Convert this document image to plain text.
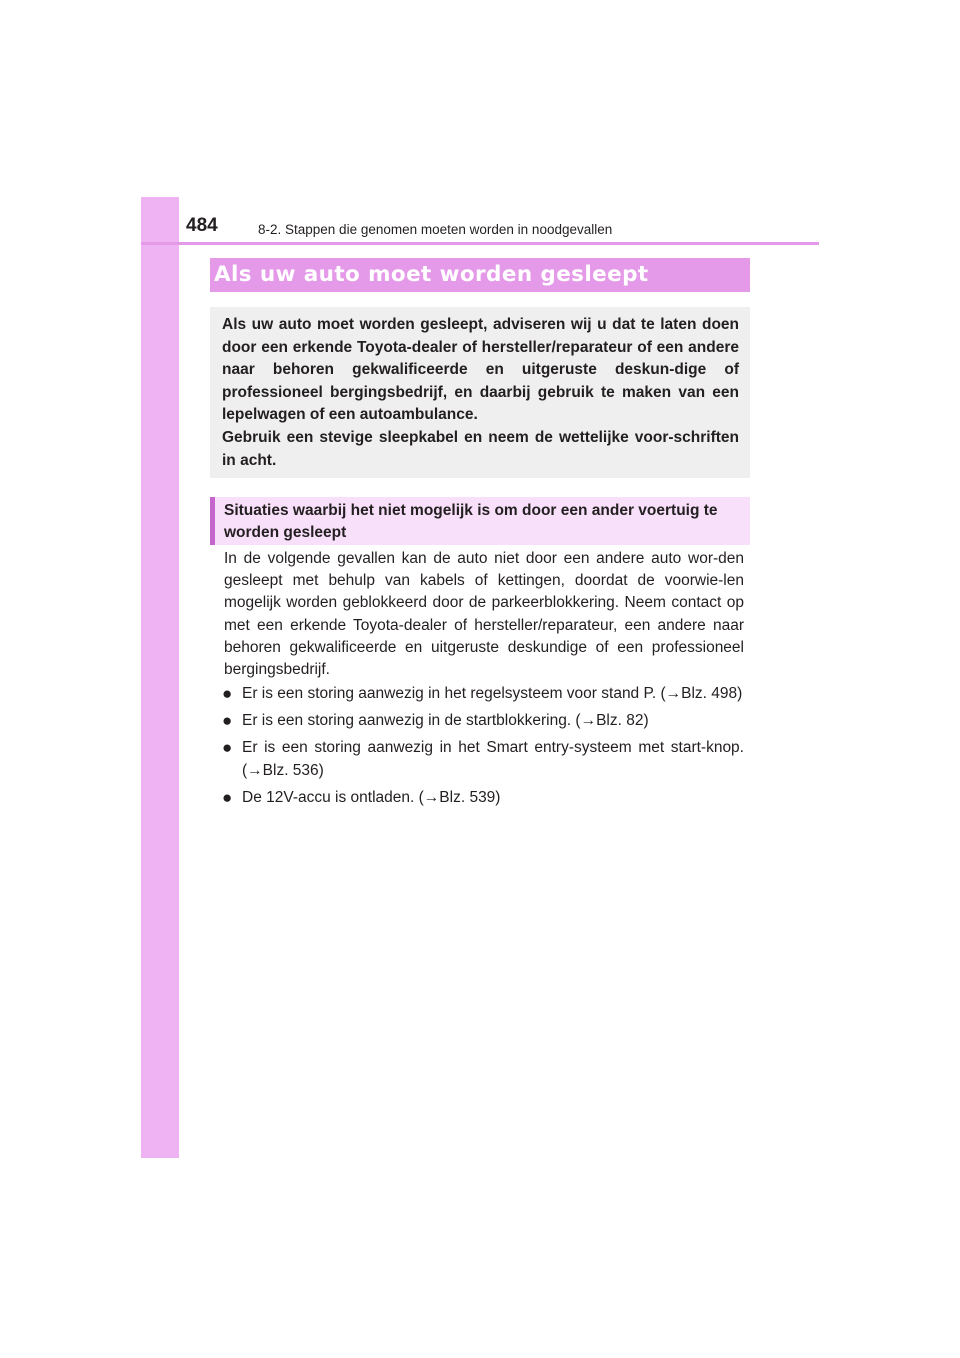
484	8-2. Stappen die genomen moeten worden in noodgevallen
Als uw auto moet worden gesleept

Als uw auto moet worden gesleept, adviseren wij u dat te laten doen door een erkende Toyota-dealer of hersteller/reparateur of een andere naar behoren gekwalificeerde en uitgeruste deskun-dige of professioneel bergingsbedrijf, en daarbij gebruik te maken van een lepelwagen of een autoambulance.
Gebruik een stevige sleepkabel en neem de wettelijke voor-schriften in acht.

Situaties waarbij het niet mogelijk is om door een ander voertuig te worden gesleept

In de volgende gevallen kan de auto niet door een andere auto wor-den gesleept met behulp van kabels of kettingen, doordat de voorwie-len mogelijk worden geblokkeerd door de parkeerblokkering. Neem contact op met een erkende Toyota-dealer of hersteller/reparateur, een andere naar behoren gekwalificeerde en uitgeruste deskundige of een professioneel bergingsbedrijf.

● Er is een storing aanwezig in het regelsysteem voor stand P. (→Blz. 498)
● Er is een storing aanwezig in de startblokkering. (→Blz. 82)
● Er is een storing aanwezig in het Smart entry-systeem met start-knop. (→Blz. 536)
● De 12V-accu is ontladen. (→Blz. 539)
